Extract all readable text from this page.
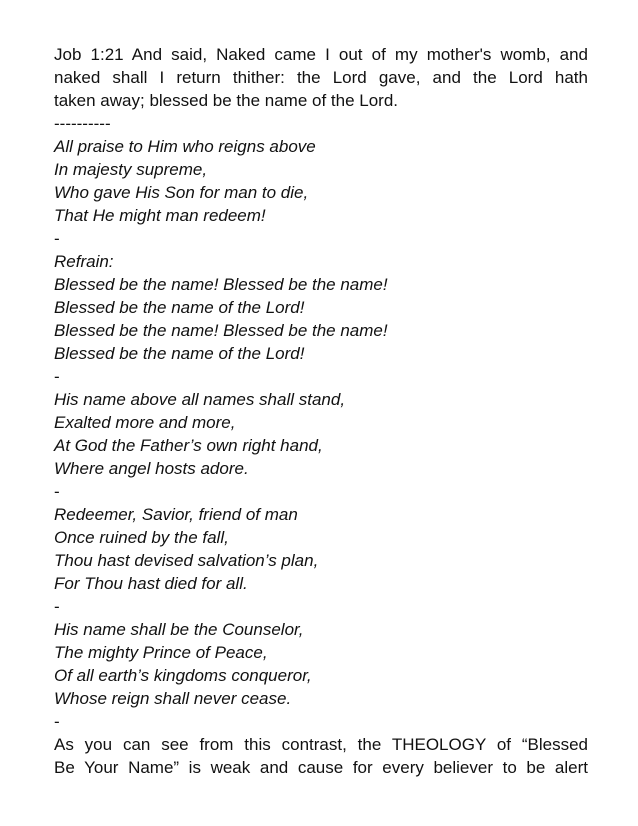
Job 1:21 And said, Naked came I out of my mother's womb, and

naked shall I return thither: the Lord gave, and the Lord hath

taken away; blessed be the name of the Lord.

----------

All praise to Him who reigns above

In majesty supreme,

Who gave His Son for man to die,

That He might man redeem!

-

Refrain:

Blessed be the name! Blessed be the name!

Blessed be the name of the Lord!

Blessed be the name! Blessed be the name!

Blessed be the name of the Lord!

-

His name above all names shall stand,

Exalted more and more,

At God the Father’s own right hand,

Where angel hosts adore.

-

Redeemer, Savior, friend of man

Once ruined by the fall,

Thou hast devised salvation’s plan,

For Thou hast died for all.

-

His name shall be the Counselor,

The mighty Prince of Peace,

Of all earth’s kingdoms conqueror,

Whose reign shall never cease.

-

As you can see from this contrast, the THEOLOGY of “Blessed

Be Your Name” is weak and cause for every believer to be alert
